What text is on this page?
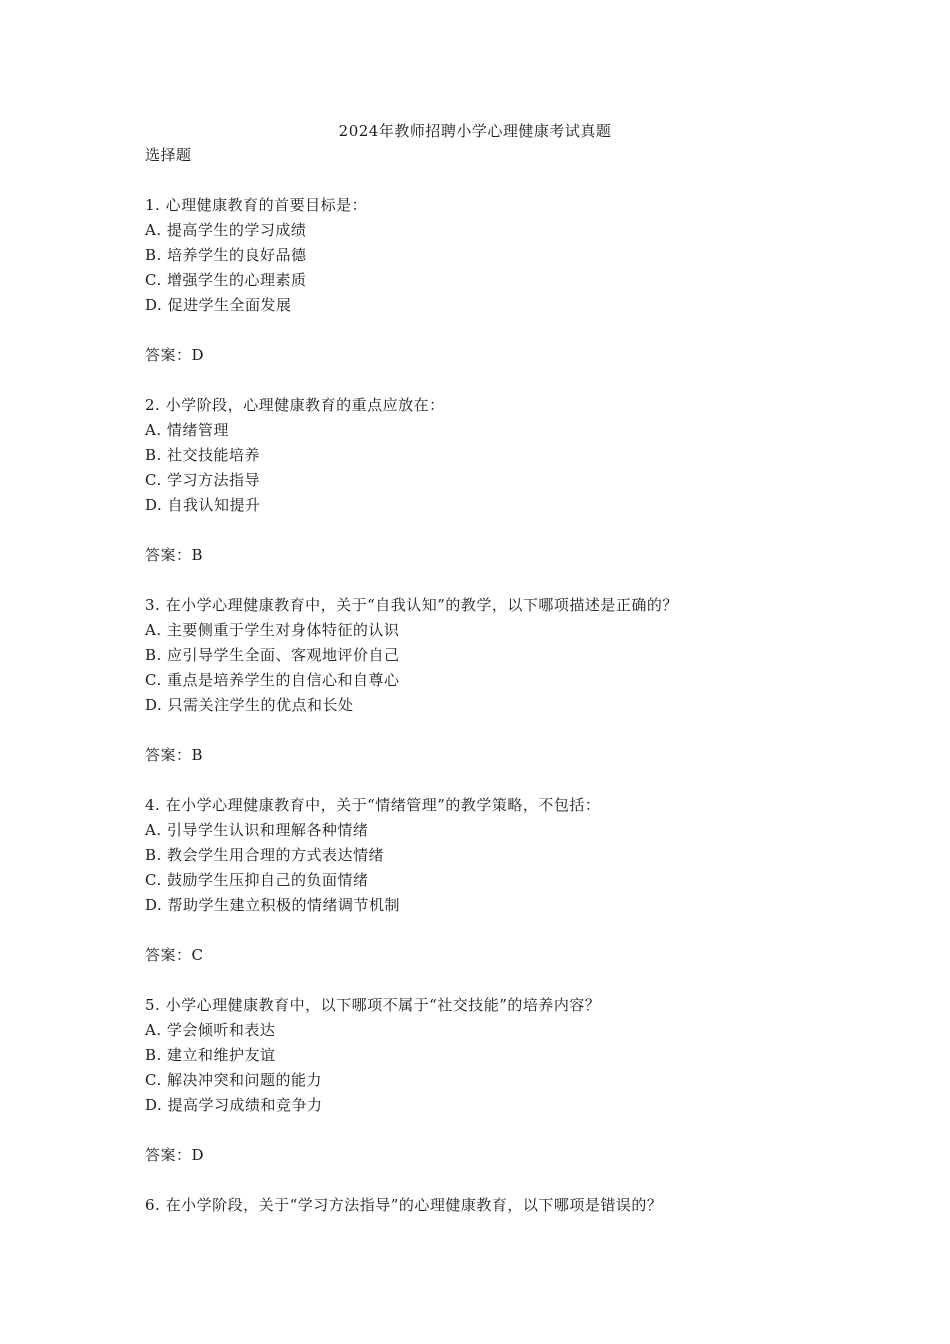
2024年教师招聘小学心理健康考试真题
选择题
1. 心理健康教育的首要目标是：
A. 提高学生的学习成绩
B. 培养学生的良好品德
C. 增强学生的心理素质
D. 促进学生全面发展
答案：D
2. 小学阶段，心理健康教育的重点应放在：
A. 情绪管理
B. 社交技能培养
C. 学习方法指导
D. 自我认知提升
答案：B
3. 在小学心理健康教育中，关于“自我认知”的教学，以下哪项描述是正确的？
A. 主要侧重于学生对身体特征的认识
B. 应引导学生全面、客观地评价自己
C. 重点是培养学生的自信心和自尊心
D. 只需关注学生的优点和长处
答案：B
4. 在小学心理健康教育中，关于“情绪管理”的教学策略，不包括：
A. 引导学生认识和理解各种情绪
B. 教会学生用合理的方式表达情绪
C. 鼓励学生压抑自己的负面情绪
D. 帮助学生建立积极的情绪调节机制
答案：C
5. 小学心理健康教育中，以下哪项不属于“社交技能”的培养内容？
A. 学会倾听和表达
B. 建立和维护友谊
C. 解决冲突和问题的能力
D. 提高学习成绩和竞争力
答案：D
6. 在小学阶段，关于“学习方法指导”的心理健康教育，以下哪项是错误的？
